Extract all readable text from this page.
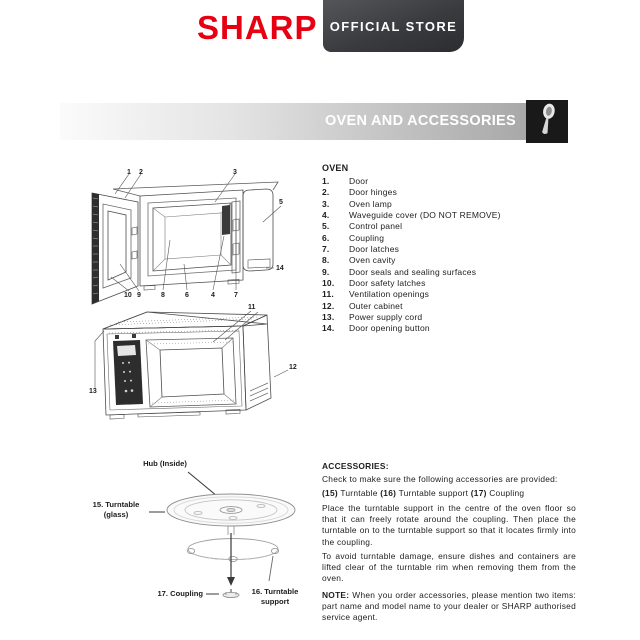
SHARP OFFICIAL STORE
OVEN AND ACCESSORIES
1 2	3
5
14
10 9	8	6	4	7
11
12
13
Hub (Inside)
15. Turntable
(glass)
17. Coupling	16. Turntable
support
OVEN
1.	Door
2.	Door hinges
3.	Oven lamp
4.	Waveguide cover (DO NOT REMOVE)
5.	Control panel
6.	Coupling
7.	Door latches
8.	Oven cavity
9.	Door seals and sealing surfaces
10.	Door safety latches
11.	Ventilation openings
12.	Outer cabinet
13.	Power supply cord
14.	Door opening button
ACCESSORIES:

Check to make sure the following accessories are provided:

(15) Turntable (16) Turntable support (17) Coupling

Place the turntable support in the centre of the oven floor so that it can freely rotate around the coupling. Then place the turntable on to the turntable support so that it locates firmly into the coupling.

To avoid turntable damage, ensure dishes and containers are lifted clear of the turntable rim when removing them from the oven.

NOTE: When you order accessories, please mention two items: part name and model name to your dealer or SHARP authorised service agent.
